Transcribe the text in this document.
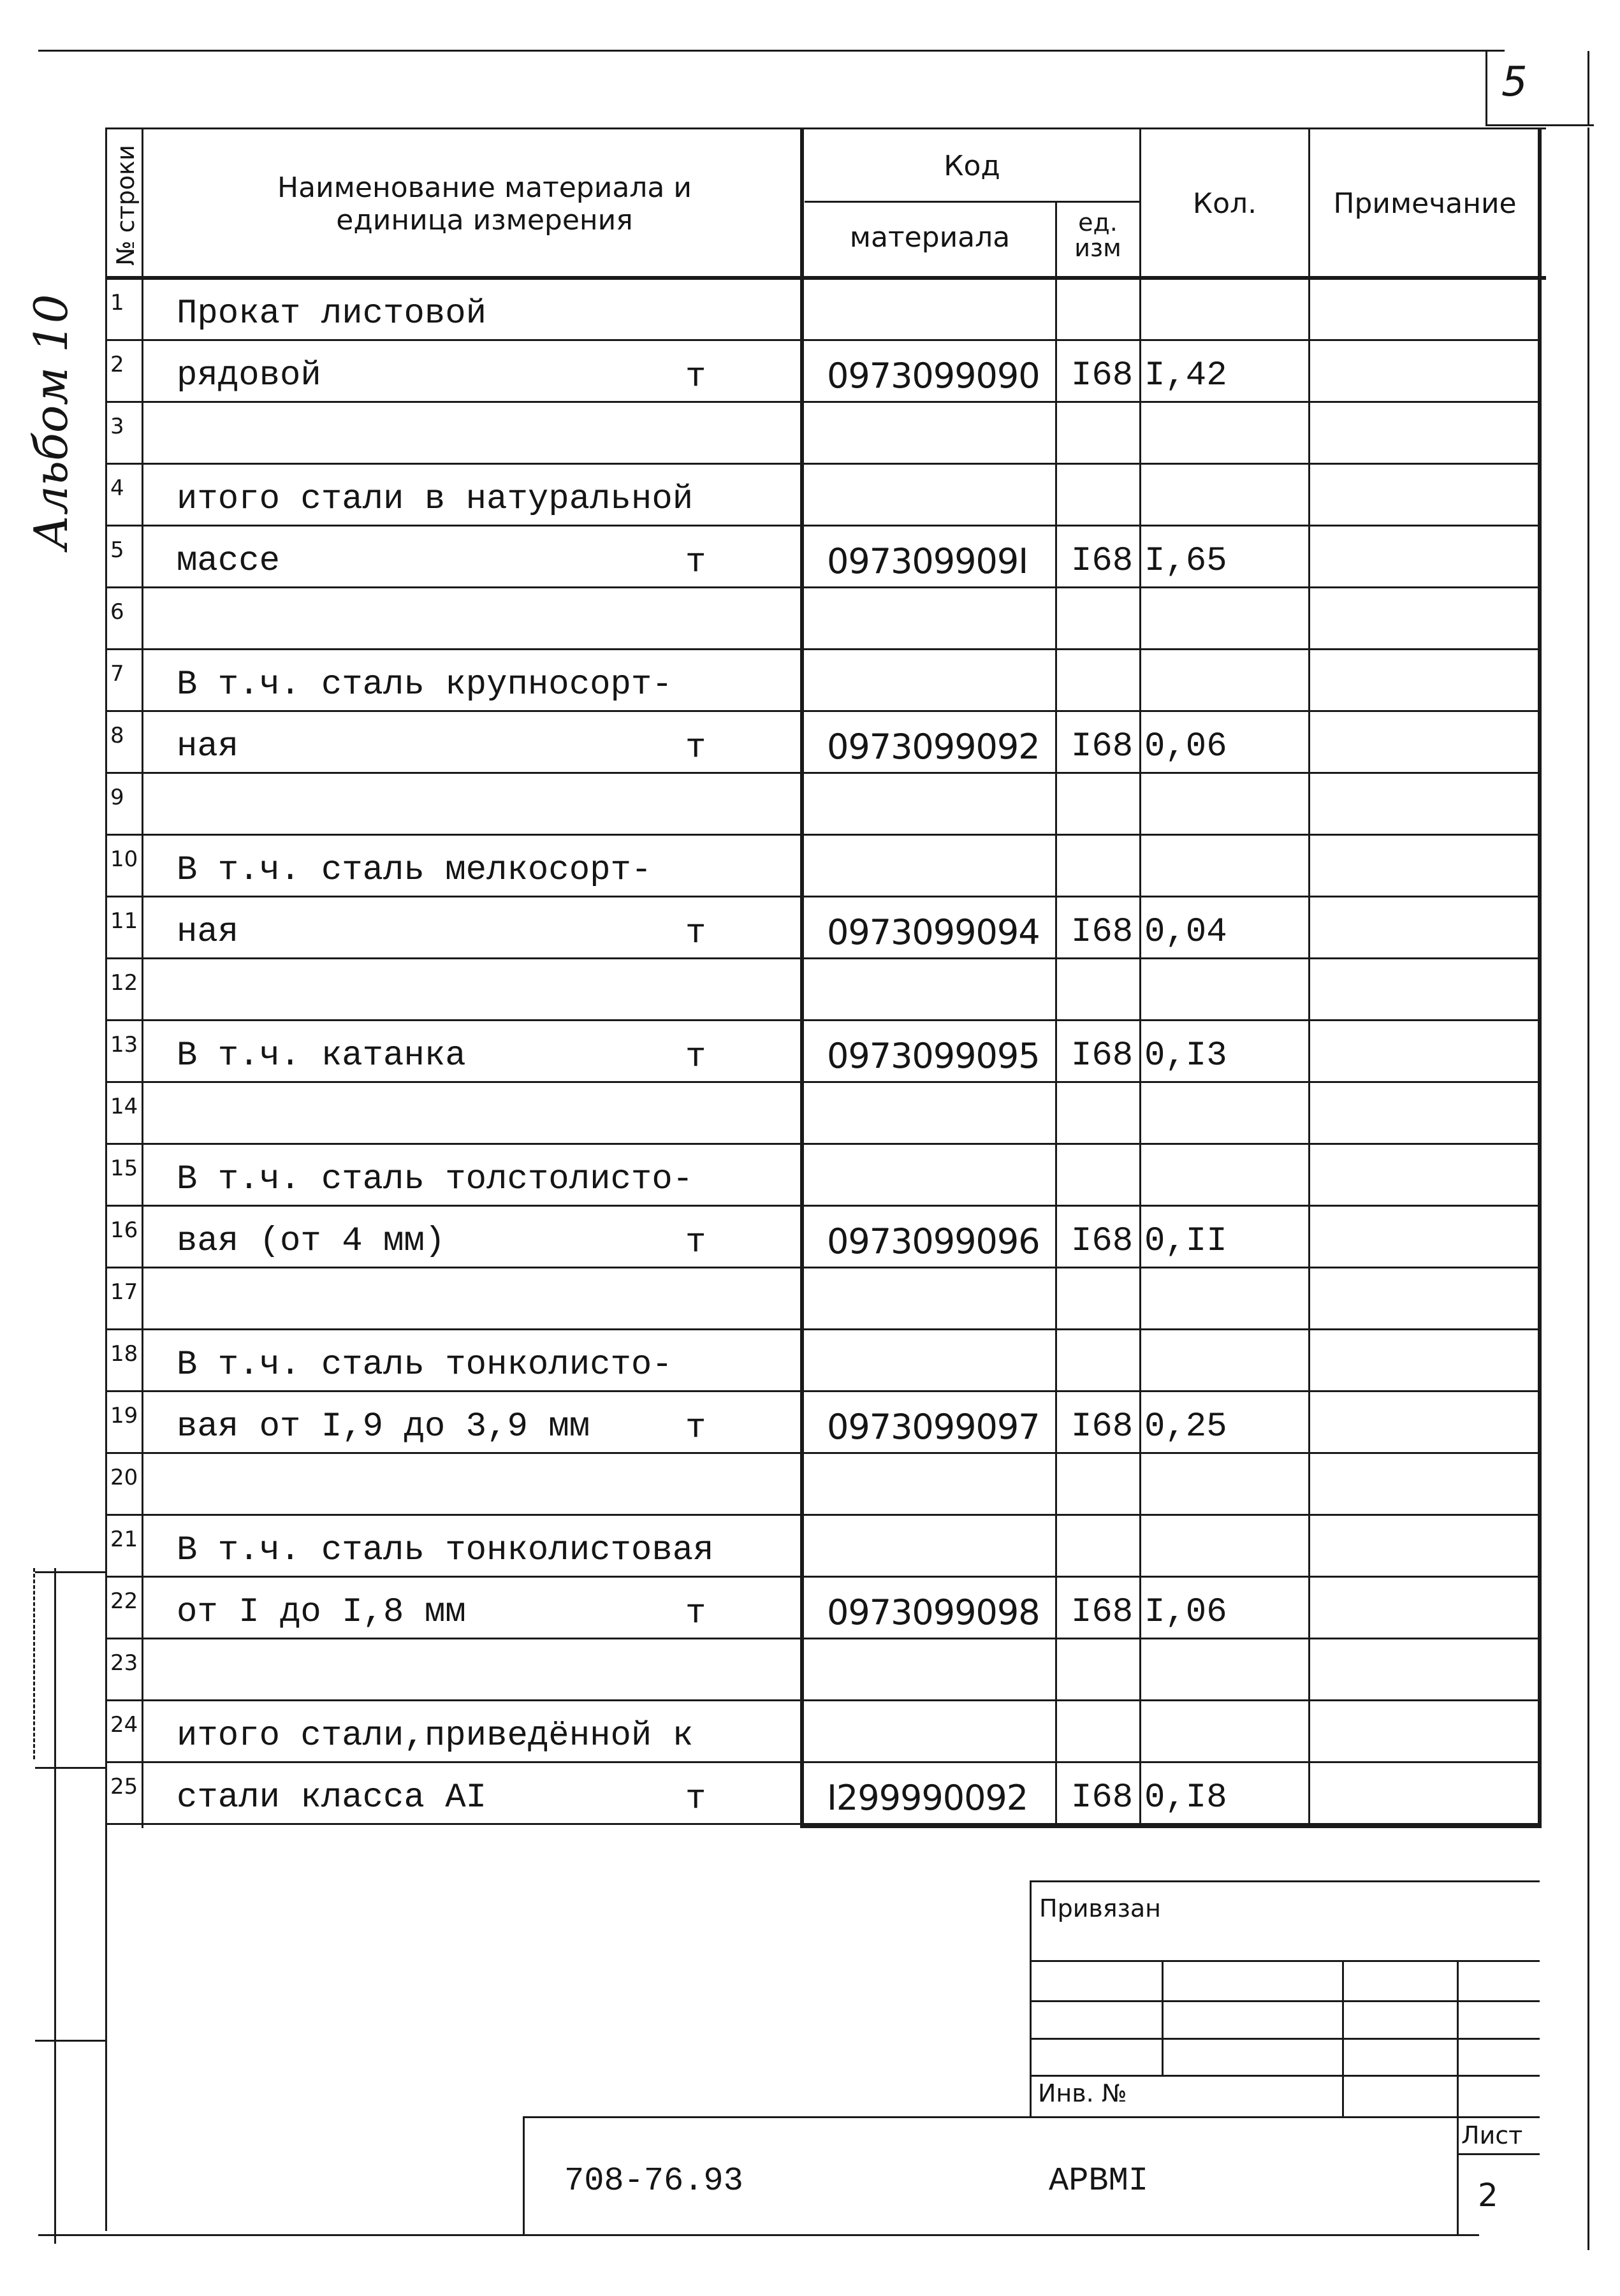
5
Альбом 10
№ строки	Наименование материала и единица измерения
Код
материала	ед. изм
Кол.	Примечание
1 Прокат листовой
2 рядовой	т	0973099090 I68 I,42
3
4 итого стали в натуральной
5 массе	т	097309909I I68 I,65
6
7 В т.ч. сталь крупносорт-
8 ная	т	0973099092 I68 0,06
9
10 В т.ч. сталь мелкосорт-
11 ная	т	0973099094 I68 0,04
12
13 В т.ч. катанка	т	0973099095 I68 0,I3
14
15 В т.ч. сталь толстолисто-
16 вая (от 4 мм)	т	0973099096 I68 0,II
17
18 В т.ч. сталь тонколисто-
19 вая от I,9 до 3,9 мм	т	0973099097 I68 0,25
20
21 В т.ч. сталь тонколистовая
22 от I до I,8 мм	т	0973099098 I68 I,06
23
24 итого стали,приведённой к
25 стали класса АI	т	I299990092 I68 0,I8
Привязан
Инв. №
708-76.93	АРВМI
Лист
2
